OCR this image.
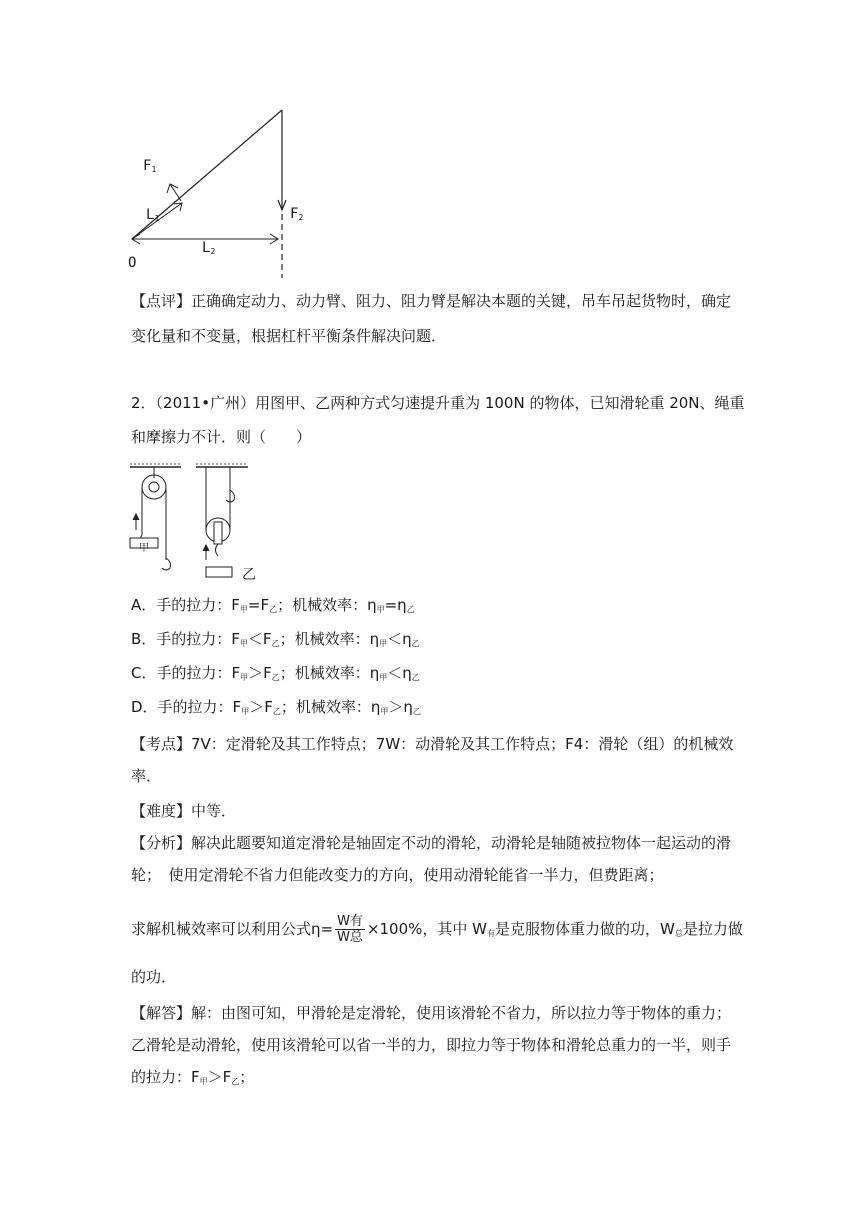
$F_1$
$L_1$
$L_2$
$F_2$
O
【点评】正确确定动力、动力臂、阻力、阻力臂是解决本题的关键，吊车吊起货物时，确定
变化量和不变量，根据杠杆平衡条件解决问题．
2．（2011•广州）用图甲、乙两种方式匀速提升重为 100N 的物体，已知滑轮重 20N、绳重
和摩擦力不计．则（　　）
甲
乙
A．手的拉力：$F_甲=F_乙$；机械效率：$\eta_甲=\eta_乙$
B．手的拉力：$F_甲<F_乙$；机械效率：$\eta_甲<\eta_乙$
C．手的拉力：$F_甲>F_乙$；机械效率：$\eta_甲<\eta_乙$
D．手的拉力：$F_甲>F_乙$；机械效率：$\eta_甲>\eta_乙$
【考点】7V：定滑轮及其工作特点；7W：动滑轮及其工作特点；F4：滑轮（组）的机械效
率．
【难度】中等．
【分析】解决此题要知道定滑轮是轴固定不动的滑轮，动滑轮是轴随被拉物体一起运动的滑
轮；　使用定滑轮不省力但能改变力的方向，使用动滑轮能省一半力，但费距离；
求解机械效率可以利用公式η= W有
W总 ×100%，其中 $W_有$是克服物体重力做的功，$W_总$是拉力做
的功．
【解答】解：由图可知，甲滑轮是定滑轮，使用该滑轮不省力，所以拉力等于物体的重力；
乙滑轮是动滑轮，使用该滑轮可以省一半的力，即拉力等于物体和滑轮总重力的一半，则手
的拉力：$F_甲>F_乙$；
